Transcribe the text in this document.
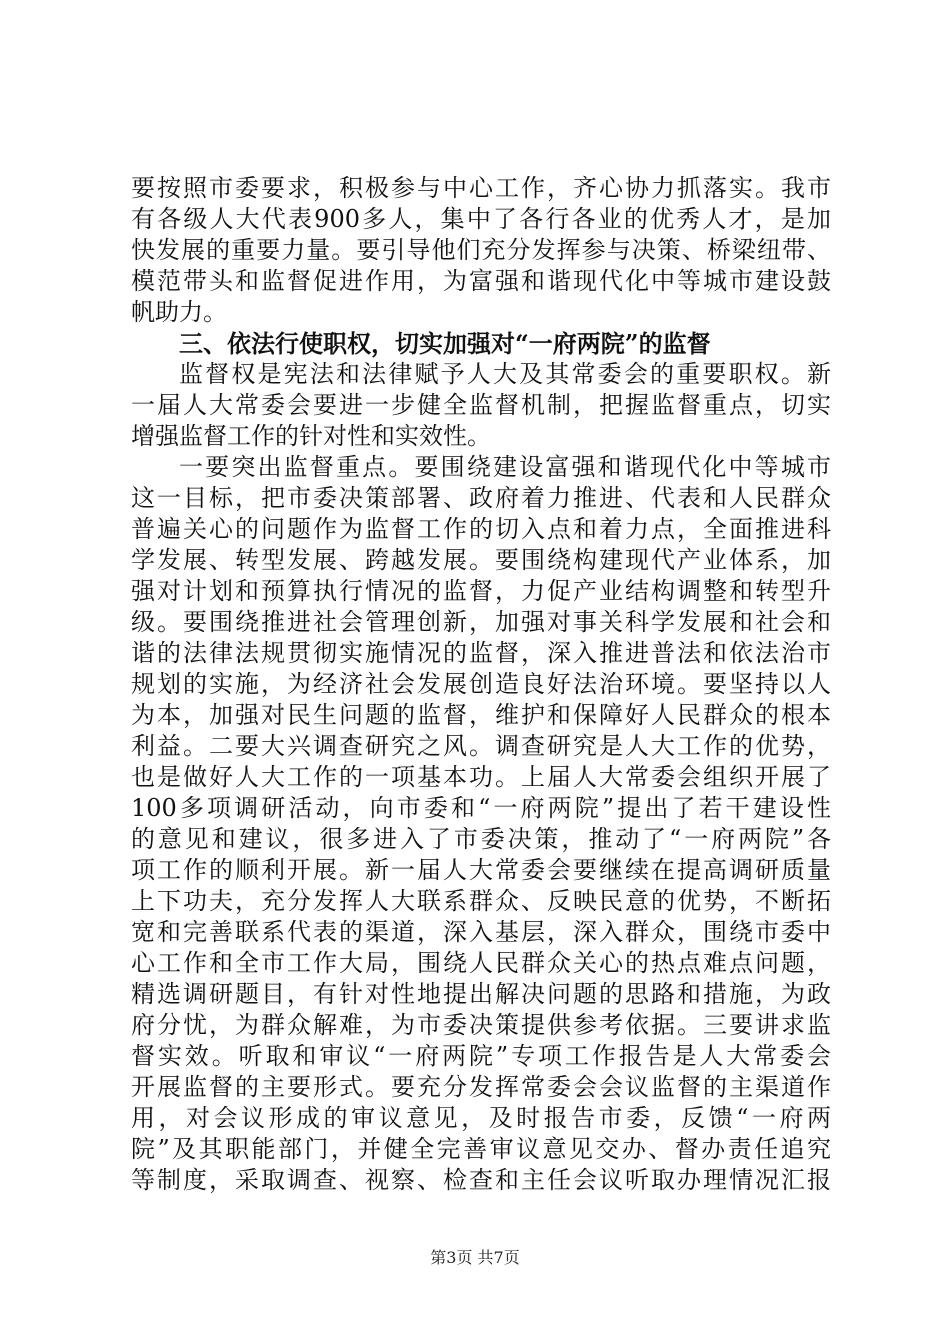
要按照市委要求，积极参与中心工作，齐心协力抓落实。我市
有各级人大代表900多人，集中了各行各业的优秀人才，是加
快发展的重要力量。要引导他们充分发挥参与决策、桥梁纽带、
模范带头和监督促进作用，为富强和谐现代化中等城市建设鼓
帆助力。
三、依法行使职权，切实加强对“一府两院”的监督
监督权是宪法和法律赋予人大及其常委会的重要职权。新
一届人大常委会要进一步健全监督机制，把握监督重点，切实
增强监督工作的针对性和实效性。
一要突出监督重点。要围绕建设富强和谐现代化中等城市
这一目标，把市委决策部署、政府着力推进、代表和人民群众
普遍关心的问题作为监督工作的切入点和着力点，全面推进科
学发展、转型发展、跨越发展。要围绕构建现代产业体系，加
强对计划和预算执行情况的监督，力促产业结构调整和转型升
级。要围绕推进社会管理创新，加强对事关科学发展和社会和
谐的法律法规贯彻实施情况的监督，深入推进普法和依法治市
规划的实施，为经济社会发展创造良好法治环境。要坚持以人
为本，加强对民生问题的监督，维护和保障好人民群众的根本
利益。二要大兴调查研究之风。调查研究是人大工作的优势，
也是做好人大工作的一项基本功。上届人大常委会组织开展了
100多项调研活动，向市委和“一府两院”提出了若干建设性
的意见和建议，很多进入了市委决策，推动了“一府两院”各
项工作的顺利开展。新一届人大常委会要继续在提高调研质量
上下功夫，充分发挥人大联系群众、反映民意的优势，不断拓
宽和完善联系代表的渠道，深入基层，深入群众，围绕市委中
心工作和全市工作大局，围绕人民群众关心的热点难点问题，
精选调研题目，有针对性地提出解决问题的思路和措施，为政
府分忧，为群众解难，为市委决策提供参考依据。三要讲求监
督实效。听取和审议“一府两院”专项工作报告是人大常委会
开展监督的主要形式。要充分发挥常委会会议监督的主渠道作
用，对会议形成的审议意见，及时报告市委，反馈“一府两
院”及其职能部门，并健全完善审议意见交办、督办责任追究
等制度，采取调查、视察、检查和主任会议听取办理情况汇报
第3页 共7页
